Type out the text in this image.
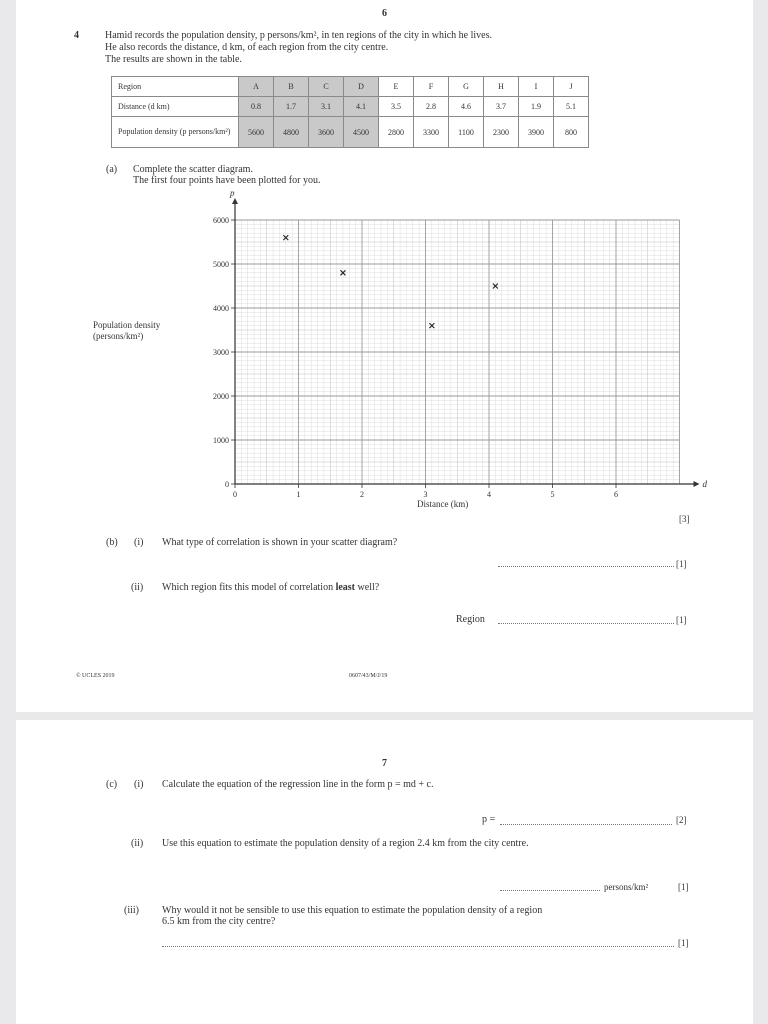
6
4	Hamid records the population density, p persons/km², in ten regions of the city in which he lives.
He also records the distance, d km, of each region from the city centre.
The results are shown in the table.
Region	A	B	C	D	E	F	G	H	I	J
Distance (d km)	0.8	1.7	3.1	4.1	3.5	2.8	4.6	3.7	1.9	5.1
Population density (p persons/km²)	5600	4800	3600	4500	2800	3300	1100	2300	3900	800
(a) Complete the scatter diagram.
The first four points have been plotted for you.
0	1	2	3	4	5	6
0
1000
2000
3000
4000
5000
6000
d
p
Population density
(persons/km²)
Distance (km)
[3]
(b) (i) What type of correlation is shown in your scatter diagram?
[1]
(ii) Which region fits this model of correlation least well?
Region	[1]
© UCLES 2019	0607/43/M/J/19
7
(c) (i) Calculate the equation of the regression line in the form p = md + c.
p =	[2]
(ii) Use this equation to estimate the population density of a region 2.4 km from the city centre.
persons/km²	[1]
(iii) Why would it not be sensible to use this equation to estimate the population density of a region
6.5 km from the city centre?
[1]
